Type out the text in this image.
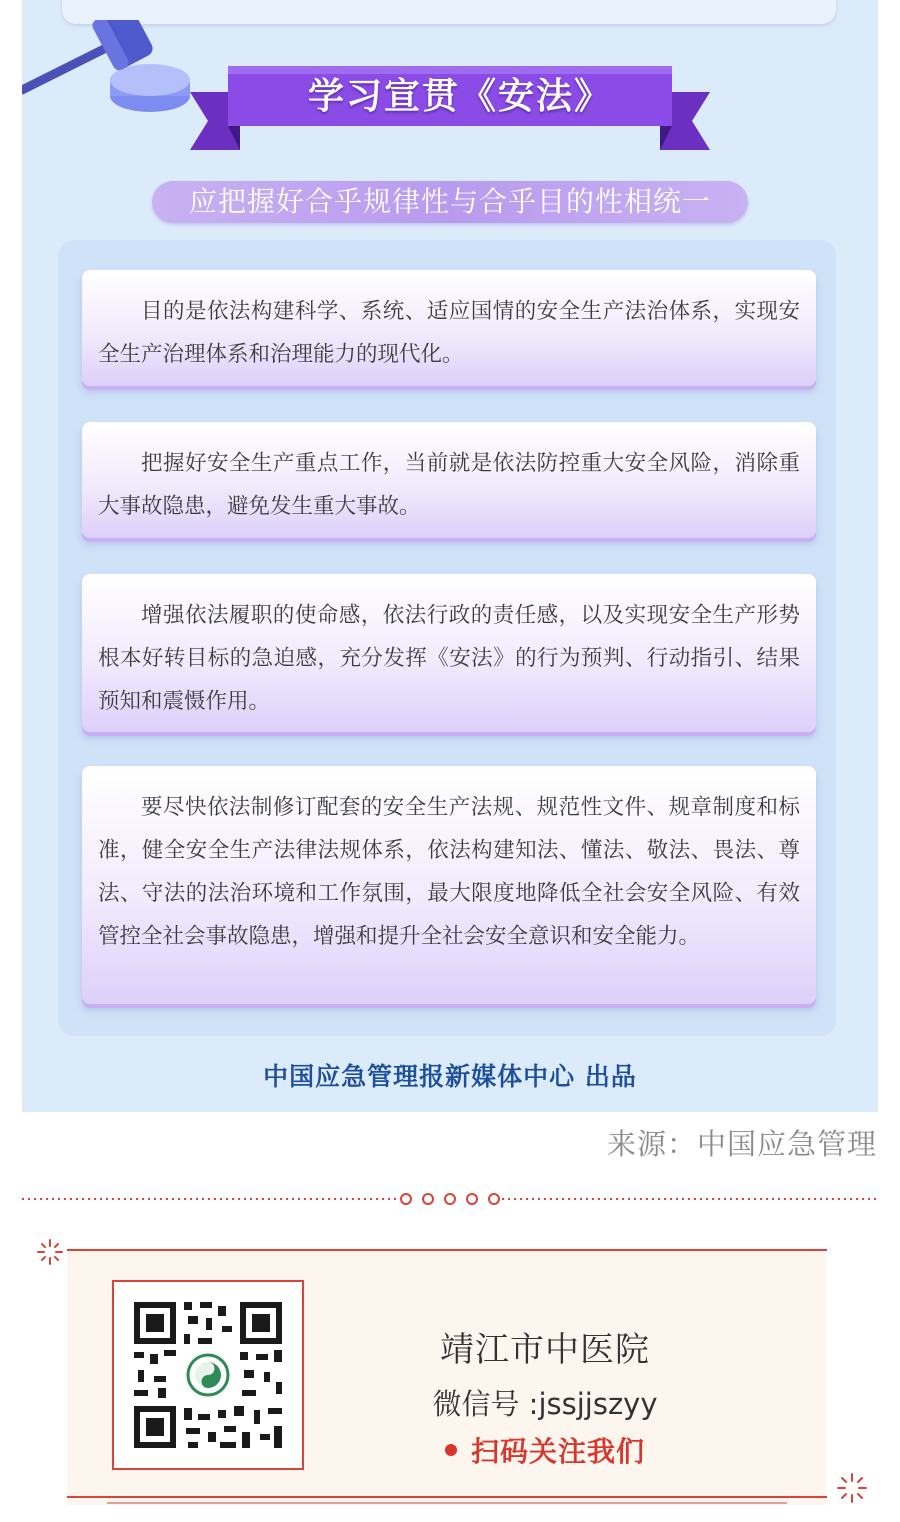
学习宣贯《安法》
应把握好合乎规律性与合乎目的性相统一
目的是依法构建科学、系统、适应国情的安全生产法治体系，实现安全生产治理体系和治理能力的现代化。
把握好安全生产重点工作，当前就是依法防控重大安全风险，消除重大事故隐患，避免发生重大事故。
增强依法履职的使命感，依法行政的责任感，以及实现安全生产形势根本好转目标的急迫感，充分发挥《安法》的行为预判、行动指引、结果预知和震慑作用。
要尽快依法制修订配套的安全生产法规、规范性文件、规章制度和标准，健全安全生产法律法规体系，依法构建知法、懂法、敬法、畏法、尊法、守法的法治环境和工作氛围，最大限度地降低全社会安全风险、有效管控全社会事故隐患，增强和提升全社会安全意识和安全能力。
中国应急管理报新媒体中心 出品
来源：中国应急管理
靖江市中医院
微信号 :jssjjszyy
扫码关注我们
